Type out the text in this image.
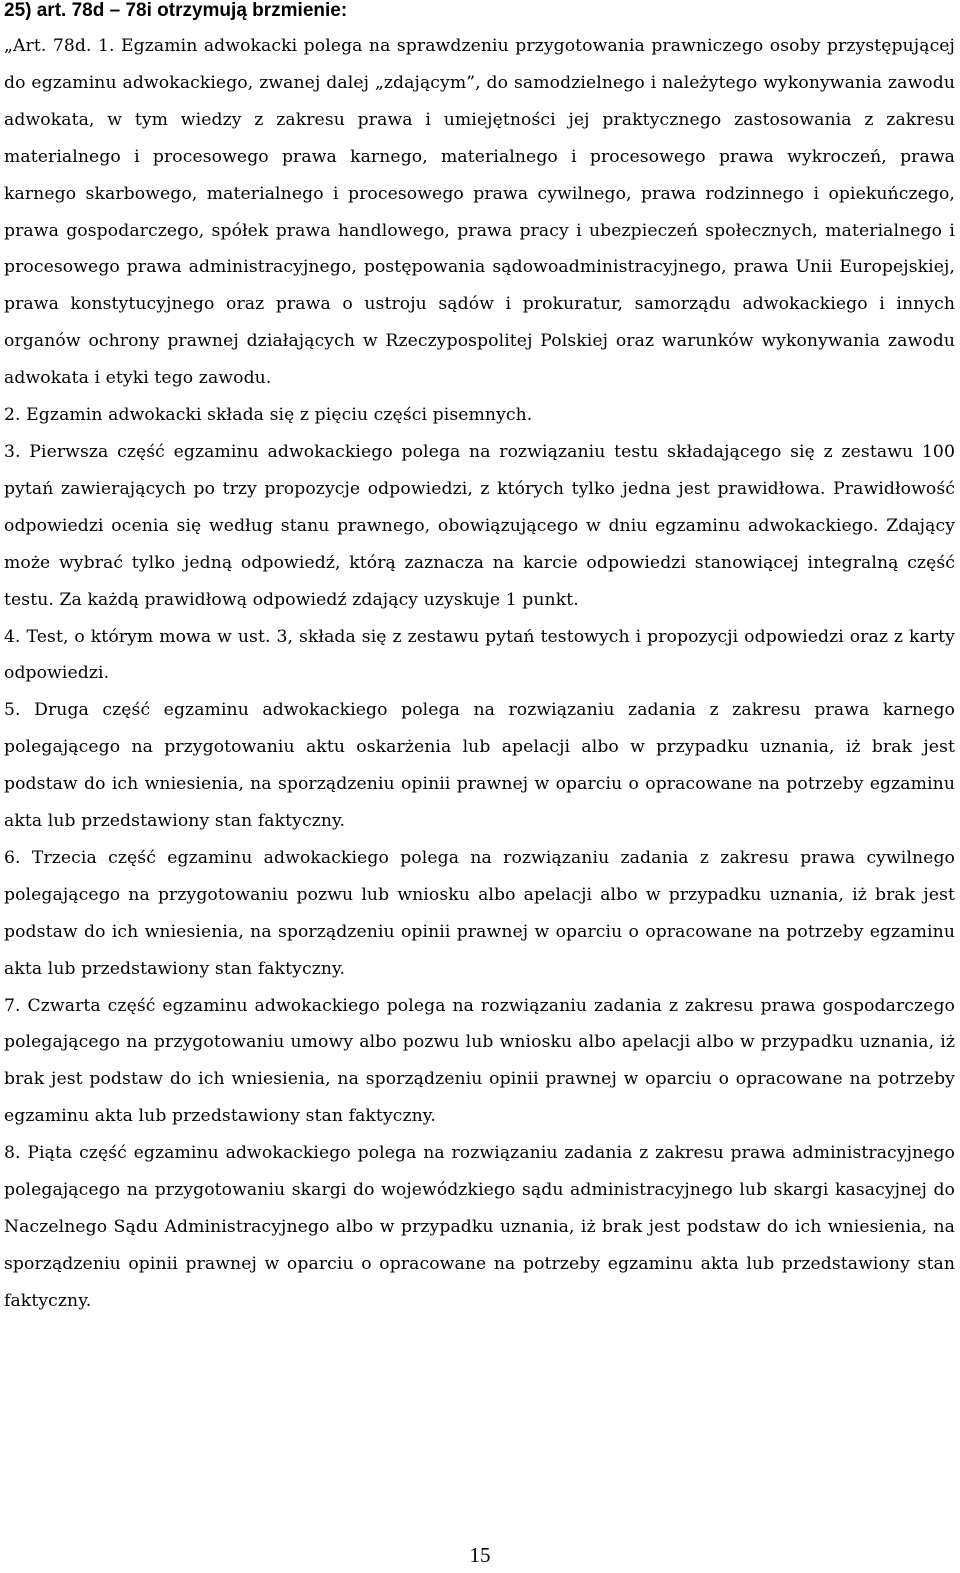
25) art. 78d – 78i otrzymują brzmienie:

„Art. 78d. 1. Egzamin adwokacki polega na sprawdzeniu przygotowania prawniczego osoby przystępującej do egzaminu adwokackiego, zwanej dalej „zdającym”, do samodzielnego i należytego wykonywania zawodu adwokata, w tym wiedzy z zakresu prawa i umiejętności jej praktycznego zastosowania z zakresu materialnego i procesowego prawa karnego, materialnego i procesowego prawa wykroczeń, prawa karnego skarbowego, materialnego i procesowego prawa cywilnego, prawa rodzinnego i opiekuńczego, prawa gospodarczego, spółek prawa handlowego, prawa pracy i ubezpieczeń społecznych, materialnego i procesowego prawa administracyjnego, postępowania sądowoadministracyjnego, prawa Unii Europejskiej, prawa konstytucyjnego oraz prawa o ustroju sądów i prokuratur, samorządu adwokackiego i innych organów ochrony prawnej działających w Rzeczypospolitej Polskiej oraz warunków wykonywania zawodu adwokata i etyki tego zawodu.

2. Egzamin adwokacki składa się z pięciu części pisemnych.

3. Pierwsza część egzaminu adwokackiego polega na rozwiązaniu testu składającego się z zestawu 100 pytań zawierających po trzy propozycje odpowiedzi, z których tylko jedna jest prawidłowa. Prawidłowość odpowiedzi ocenia się według stanu prawnego, obowiązującego w dniu egzaminu adwokackiego. Zdający może wybrać tylko jedną odpowiedź, którą zaznacza na karcie odpowiedzi stanowiącej integralną część testu. Za każdą prawidłową odpowiedź zdający uzyskuje 1 punkt.

4. Test, o którym mowa w ust. 3, składa się z zestawu pytań testowych i propozycji odpowiedzi oraz z karty odpowiedzi.

5. Druga część egzaminu adwokackiego polega na rozwiązaniu zadania z zakresu prawa karnego polegającego na przygotowaniu aktu oskarżenia lub apelacji albo w przypadku uznania, iż brak jest podstaw do ich wniesienia, na sporządzeniu opinii prawnej w oparciu o opracowane na potrzeby egzaminu akta lub przedstawiony stan faktyczny.

6. Trzecia część egzaminu adwokackiego polega na rozwiązaniu zadania z zakresu prawa cywilnego polegającego na przygotowaniu pozwu lub wniosku albo apelacji albo w przypadku uznania, iż brak jest podstaw do ich wniesienia, na sporządzeniu opinii prawnej w oparciu o opracowane na potrzeby egzaminu akta lub przedstawiony stan faktyczny.

7. Czwarta część egzaminu adwokackiego polega na rozwiązaniu zadania z zakresu prawa gospodarczego polegającego na przygotowaniu umowy albo pozwu lub wniosku albo apelacji albo w przypadku uznania, iż brak jest podstaw do ich wniesienia, na sporządzeniu opinii prawnej w oparciu o opracowane na potrzeby egzaminu akta lub przedstawiony stan faktyczny.

8. Piąta część egzaminu adwokackiego polega na rozwiązaniu zadania z zakresu prawa administracyjnego polegającego na przygotowaniu skargi do wojewódzkiego sądu administracyjnego lub skargi kasacyjnej do Naczelnego Sądu Administracyjnego albo w przypadku uznania, iż brak jest podstaw do ich wniesienia, na sporządzeniu opinii prawnej w oparciu o opracowane na potrzeby egzaminu akta lub przedstawiony stan faktyczny.

15
